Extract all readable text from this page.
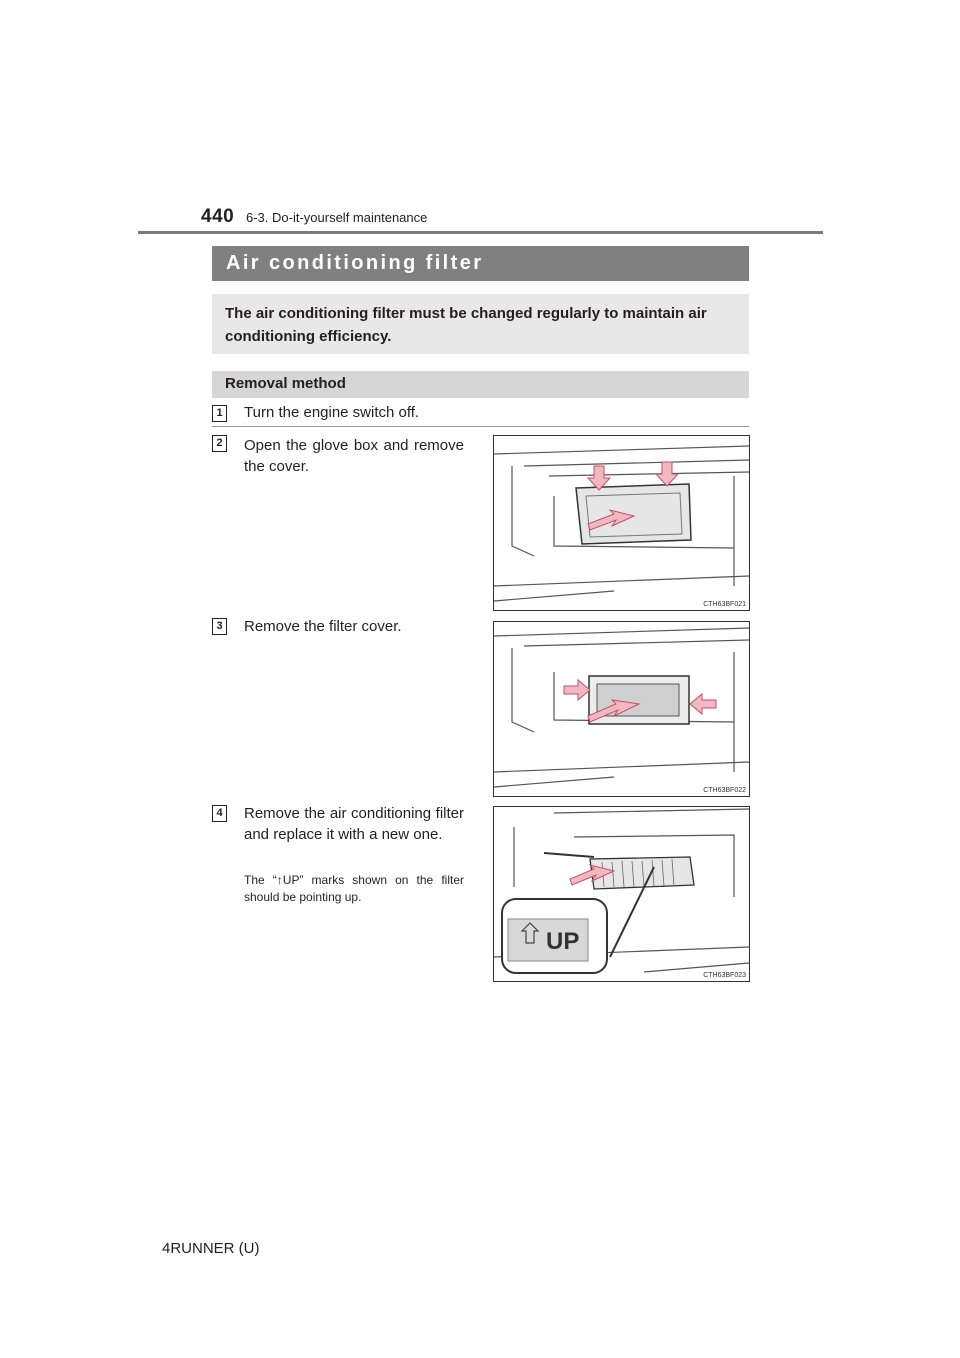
440 6-3. Do-it-yourself maintenance
Air conditioning filter
The air conditioning filter must be changed regularly to maintain air conditioning efficiency.
Removal method
1 Turn the engine switch off.
2 Open the glove box and remove the cover.
CTH63BF021
3 Remove the filter cover.
CTH63BF022
4 Remove the air conditioning filter and replace it with a new one.
The “↑UP” marks shown on the filter should be pointing up.
UP
CTH63BF023
4RUNNER (U)
